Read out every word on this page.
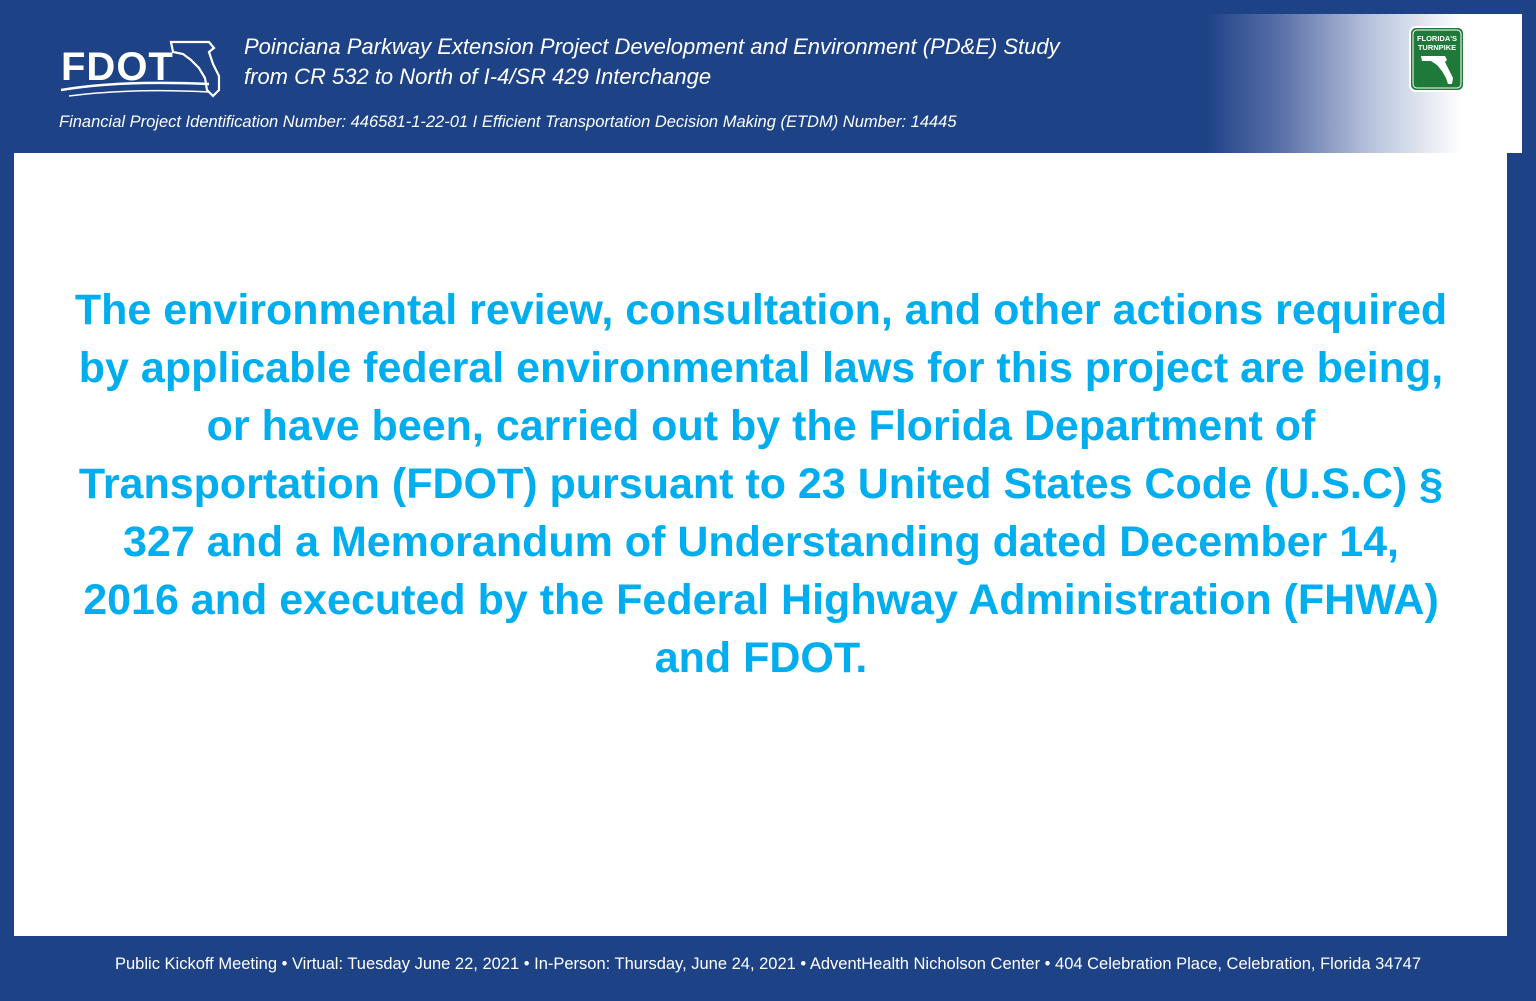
FDOT	Poinciana Parkway Extension Project Development and Environment (PD&E) Study
from CR 532 to North of I-4/SR 429 Interchange
Financial Project Identification Number: 446581-1-22-01 I Efficient Transportation Decision Making (ETDM) Number: 14445
FLORIDA'S
TURNPIKE

The environmental review, consultation, and other actions required by applicable federal environmental laws for this project are being, or have been, carried out by the Florida Department of Transportation (FDOT) pursuant to 23 United States Code (U.S.C) § 327 and a Memorandum of Understanding dated December 14, 2016 and executed by the Federal Highway Administration (FHWA) and FDOT.

Public Kickoff Meeting • Virtual: Tuesday June 22, 2021 • In-Person: Thursday, June 24, 2021 • AdventHealth Nicholson Center • 404 Celebration Place, Celebration, Florida 34747
